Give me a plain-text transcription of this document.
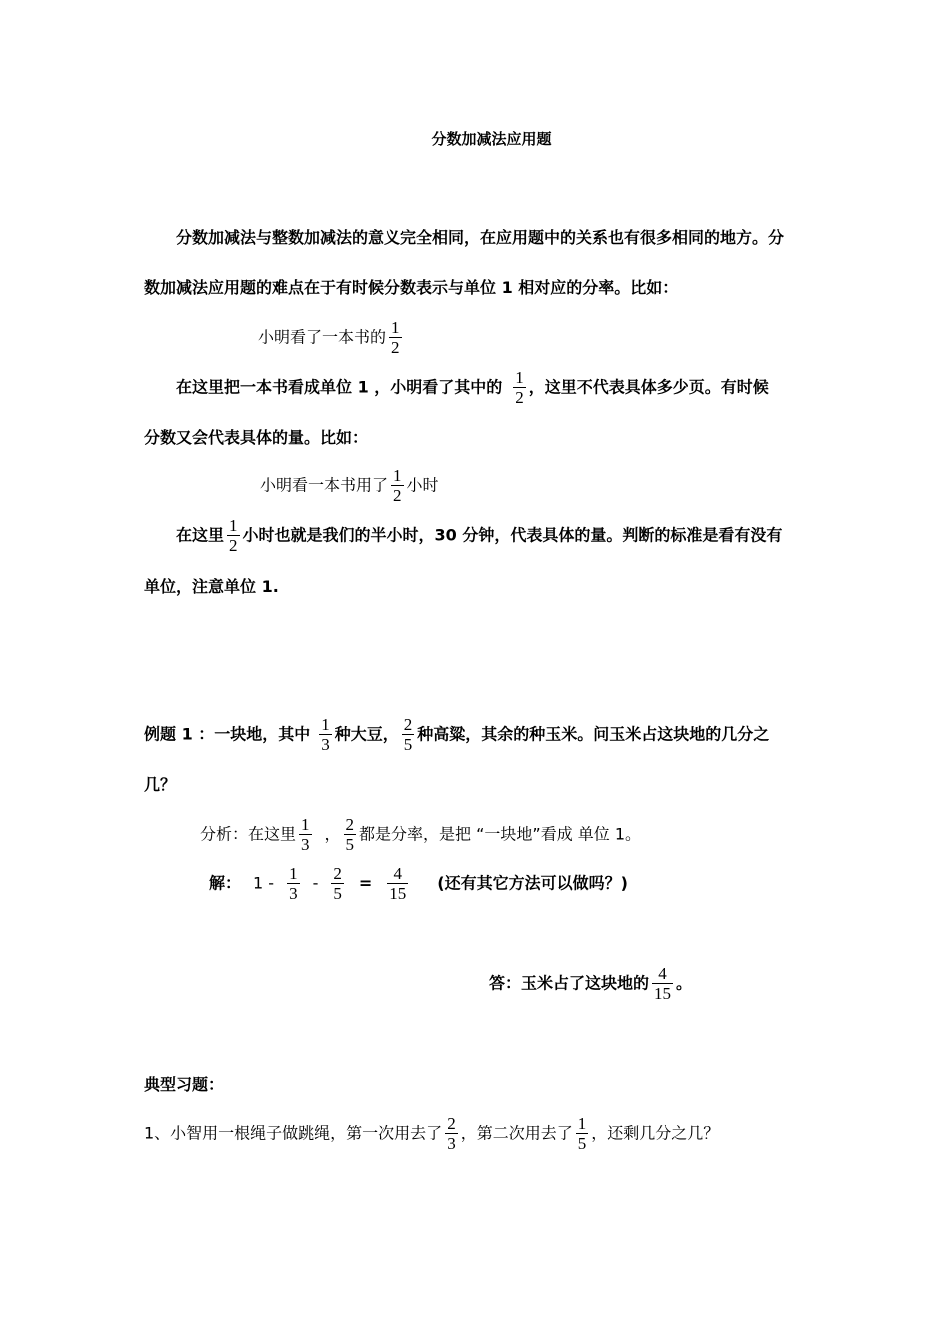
分数加减法应用题
分数加减法与整数加减法的意义完全相同，在应用题中的关系也有很多相同的地方。分
数加减法应用题的难点在于有时候分数表示与单位 1 相对应的分率。比如：
小明看了一本书的 $\frac{1}{2}$
在这里把一本书看成单位 1 ，小明看了其中的 $\frac{1}{2}$ ，这里不代表具体多少页。有时候
分数又会代表具体的量。比如：
小明看一本书用了 $\frac{1}{2}$ 小时
在这里 $\frac{1}{2}$ 小时也就是我们的半小时，30 分钟，代表具体的量。判断的标准是看有没有
单位，注意单位 1.
例题 1 ：一块地，其中 $\frac{1}{3}$ 种大豆， $\frac{2}{5}$ 种高粱，其余的种玉米。问玉米占这块地的几分之
几？
分析：在这里 $\frac{1}{3}$ ， $\frac{2}{5}$ 都是分率，是把 “一块地”看成 单位 1。
解： $1 - \frac{1}{3} - \frac{2}{5} = \frac{4}{15}$ (还有其它方法可以做吗？)
答：玉米占了这块地的 $\frac{4}{15}$ 。
典型习题：
1、小智用一根绳子做跳绳，第一次用去了 $\frac{2}{3}$ ，第二次用去了 $\frac{1}{5}$ ，还剩几分之几？
